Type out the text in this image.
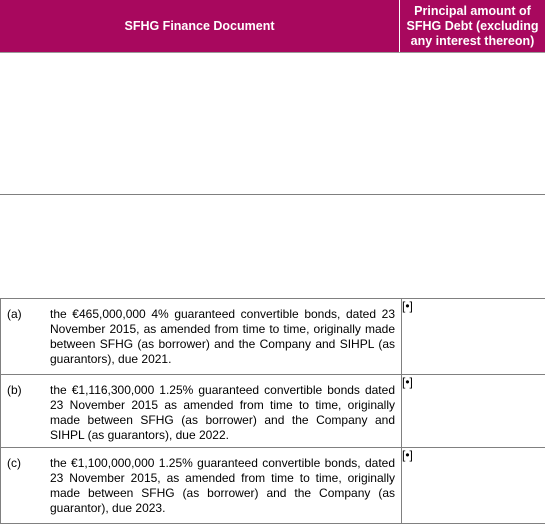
SFHG Finance Document
Principal amount of SFHG Debt (excluding any interest thereon)
(a) the €465,000,000 4% guaranteed convertible bonds, dated 23 November 2015, as amended from time to time, originally made between SFHG (as borrower) and the Company and SIHPL (as guarantors), due 2021.	[•]

(b) the €1,116,300,000 1.25% guaranteed convertible bonds dated 23 November 2015 as amended from time to time, originally made between SFHG (as borrower) and the Company and SIHPL (as guarantors), due 2022.	[•]

(c) the €1,100,000,000 1.25% guaranteed convertible bonds, dated 23 November 2015, as amended from time to time, originally made between SFHG (as borrower) and the Company (as guarantor), due 2023.	[•]
